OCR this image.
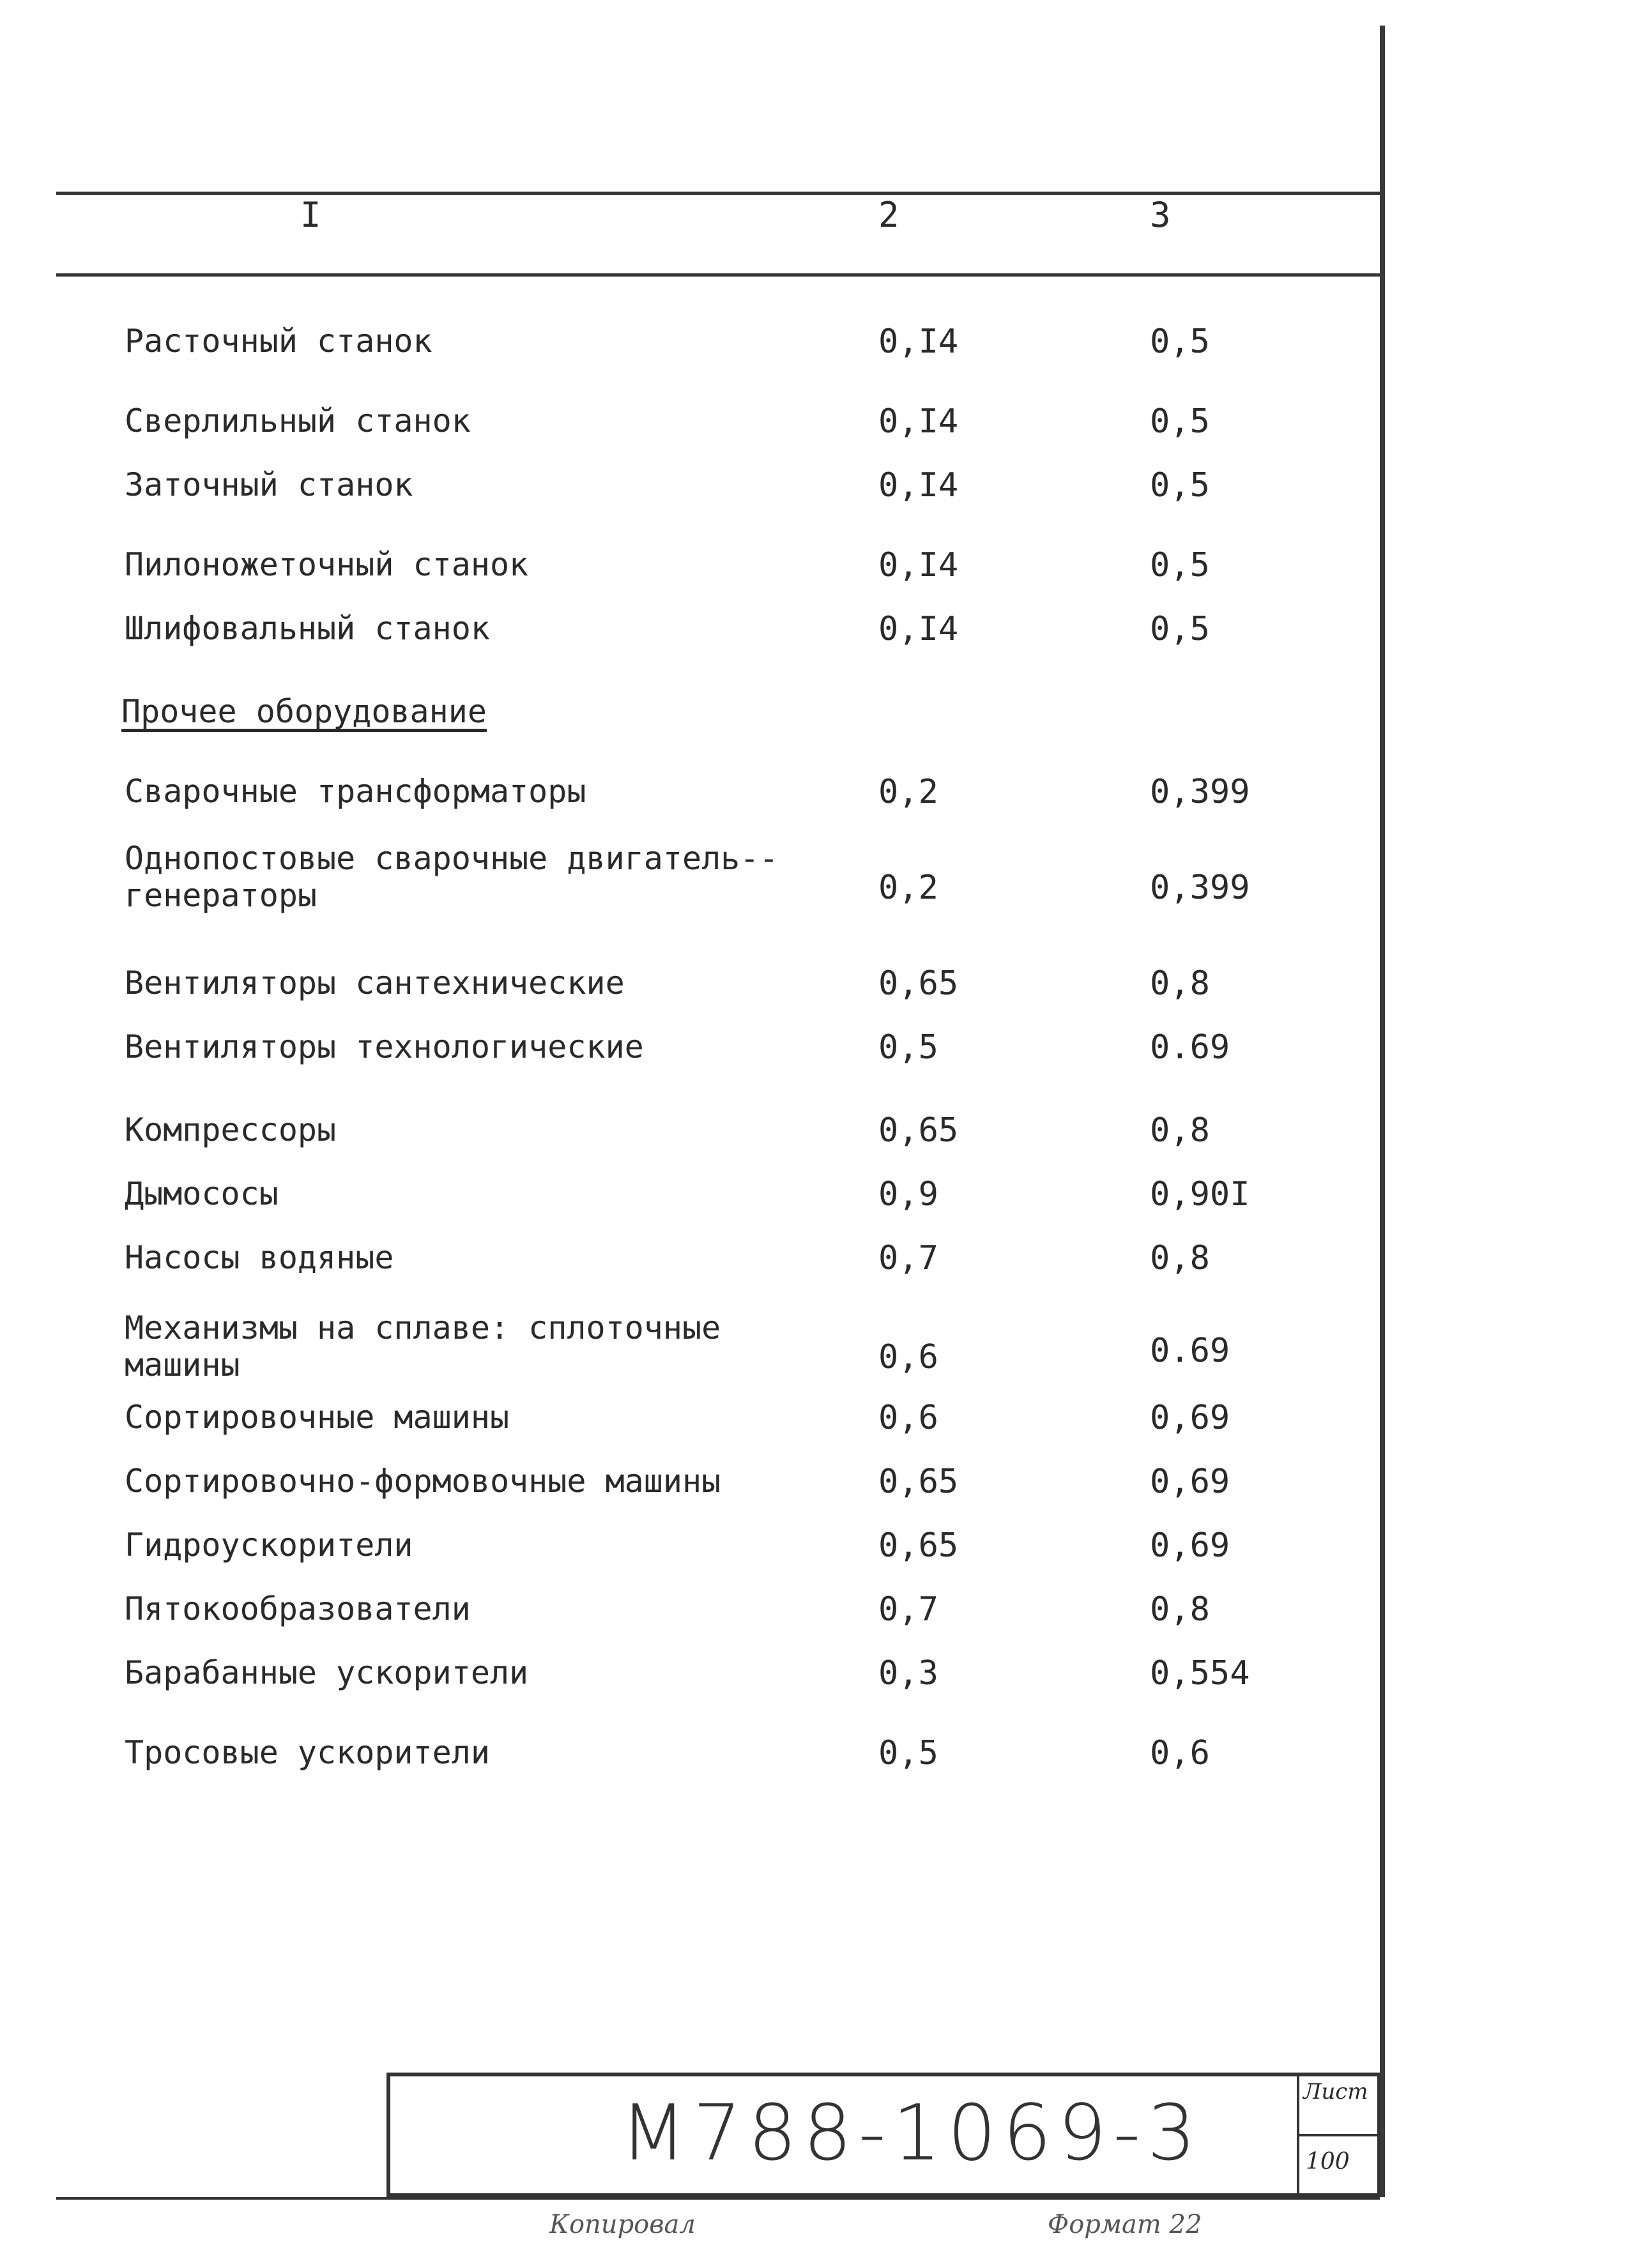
I	2	3
Расточный станок	0,I4	0,5
Сверлильный станок	0,I4	0,5
Заточный станок	0,I4	0,5
Пилоножеточный станок	0,I4	0,5
Шлифовальный станок	0,I4	0,5
Прочее оборудование
Сварочные трансформаторы	0,2	0,399
Однопостовые сварочные двигатель--генераторы	0,2	0,399
Вентиляторы сантехнические	0,65	0,8
Вентиляторы технологические	0,5	0.69
Компрессоры	0,65	0,8
Дымососы	0,9	0,90I
Насосы водяные	0,7	0,8
Механизмы на сплаве: сплоточные машины	0,6	0.69
Сортировочные машины	0,6	0,69
Сортировочно-формовочные машины	0,65	0,69
Гидроускорители	0,65	0,69
Пятокообразователи	0,7	0,8
Барабанные ускорители	0,3	0,554
Тросовые ускорители	0,5	0,6
М788-1069-3	Лист
100
Копировал	Формат 22
